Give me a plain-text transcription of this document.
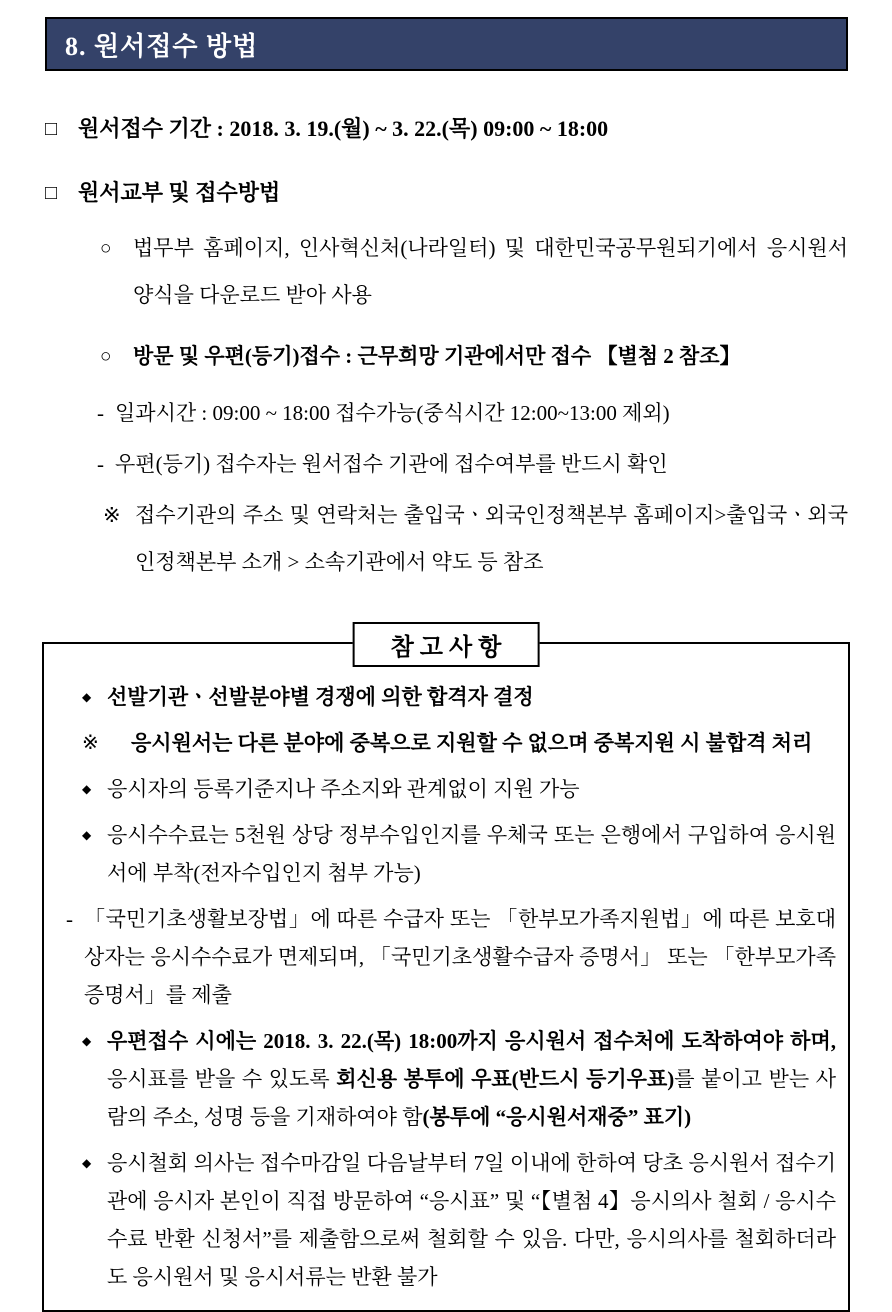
8. 원서접수 방법
□ 원서접수 기간 : 2018. 3. 19.(월) ~ 3. 22.(목) 09:00 ~ 18:00
□ 원서교부 및 접수방법
○ 법무부 홈페이지, 인사혁신처(나라일터) 및 대한민국공무원되기에서 응시원서 양식을 다운로드 받아 사용
○ 방문 및 우편(등기)접수 : 근무희망 기관에서만 접수 【별첨 2 참조】
- 일과시간 : 09:00 ~ 18:00 접수가능(중식시간 12:00~13:00 제외)
- 우편(등기) 접수자는 원서접수 기관에 접수여부를 반드시 확인
※ 접수기관의 주소 및 연락처는 출입국ㆍ외국인정책본부 홈페이지>출입국ㆍ외국인정책본부 소개 > 소속기관에서 약도 등 참조
참 고 사 항
◆ 선발기관ㆍ선발분야별 경쟁에 의한 합격자 결정
※ 응시원서는 다른 분야에 중복으로 지원할 수 없으며 중복지원 시 불합격 처리
◆ 응시자의 등록기준지나 주소지와 관계없이 지원 가능
◆ 응시수수료는 5천원 상당 정부수입인지를 우체국 또는 은행에서 구입하여 응시원서에 부착(전자수입인지 첨부 가능)
- 「국민기초생활보장법」에 따른 수급자 또는 「한부모가족지원법」에 따른 보호대상자는 응시수수료가 면제되며, 「국민기초생활수급자 증명서」 또는 「한부모가족 증명서」를 제출
◆ 우편접수 시에는 2018. 3. 22.(목) 18:00까지 응시원서 접수처에 도착하여야 하며, 응시표를 받을 수 있도록 회신용 봉투에 우표(반드시 등기우표)를 붙이고 받는 사람의 주소, 성명 등을 기재하여야 함(봉투에 “응시원서재중” 표기)
◆ 응시철회 의사는 접수마감일 다음날부터 7일 이내에 한하여 당초 응시원서 접수기관에 응시자 본인이 직접 방문하여 “응시표” 및 “【별첨 4】응시의사 철회 / 응시수수료 반환 신청서”를 제출함으로써 철회할 수 있음. 다만, 응시의사를 철회하더라도 응시원서 및 응시서류는 반환 불가
